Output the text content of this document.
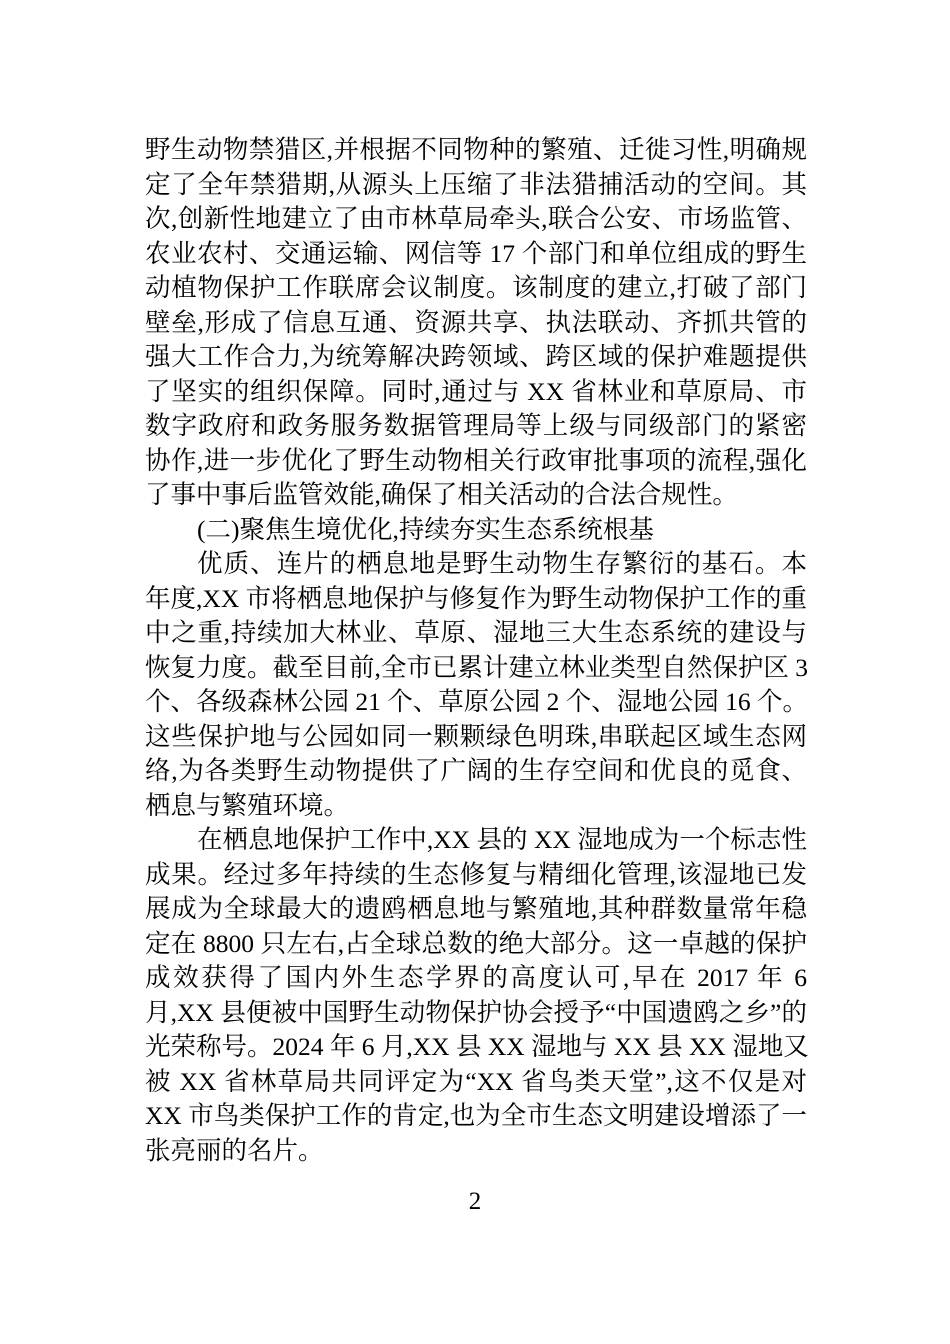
野生动物禁猎区,并根据不同物种的繁殖、迁徙习性,明确规
定了全年禁猎期,从源头上压缩了非法猎捕活动的空间。其
次,创新性地建立了由市林草局牵头,联合公安、市场监管、
农业农村、交通运输、网信等 17 个部门和单位组成的野生
动植物保护工作联席会议制度。该制度的建立,打破了部门
壁垒,形成了信息互通、资源共享、执法联动、齐抓共管的
强大工作合力,为统筹解决跨领域、跨区域的保护难题提供
了坚实的组织保障。同时,通过与 XX 省林业和草原局、市
数字政府和政务服务数据管理局等上级与同级部门的紧密
协作,进一步优化了野生动物相关行政审批事项的流程,强化
了事中事后监管效能,确保了相关活动的合法合规性。
(二)聚焦生境优化,持续夯实生态系统根基
优质、连片的栖息地是野生动物生存繁衍的基石。本
年度,XX 市将栖息地保护与修复作为野生动物保护工作的重
中之重,持续加大林业、草原、湿地三大生态系统的建设与
恢复力度。截至目前,全市已累计建立林业类型自然保护区 3
个、各级森林公园 21 个、草原公园 2 个、湿地公园 16 个。
这些保护地与公园如同一颗颗绿色明珠,串联起区域生态网
络,为各类野生动物提供了广阔的生存空间和优良的觅食、
栖息与繁殖环境。
在栖息地保护工作中,XX 县的 XX 湿地成为一个标志性
成果。经过多年持续的生态修复与精细化管理,该湿地已发
展成为全球最大的遗鸥栖息地与繁殖地,其种群数量常年稳
定在 8800 只左右,占全球总数的绝大部分。这一卓越的保护
成效获得了国内外生态学界的高度认可,早在 2017 年 6
月,XX 县便被中国野生动物保护协会授予“中国遗鸥之乡”的
光荣称号。2024 年 6 月,XX 县 XX 湿地与 XX 县 XX 湿地又
被 XX 省林草局共同评定为“XX 省鸟类天堂”,这不仅是对
XX 市鸟类保护工作的肯定,也为全市生态文明建设增添了一
张亮丽的名片。
2
